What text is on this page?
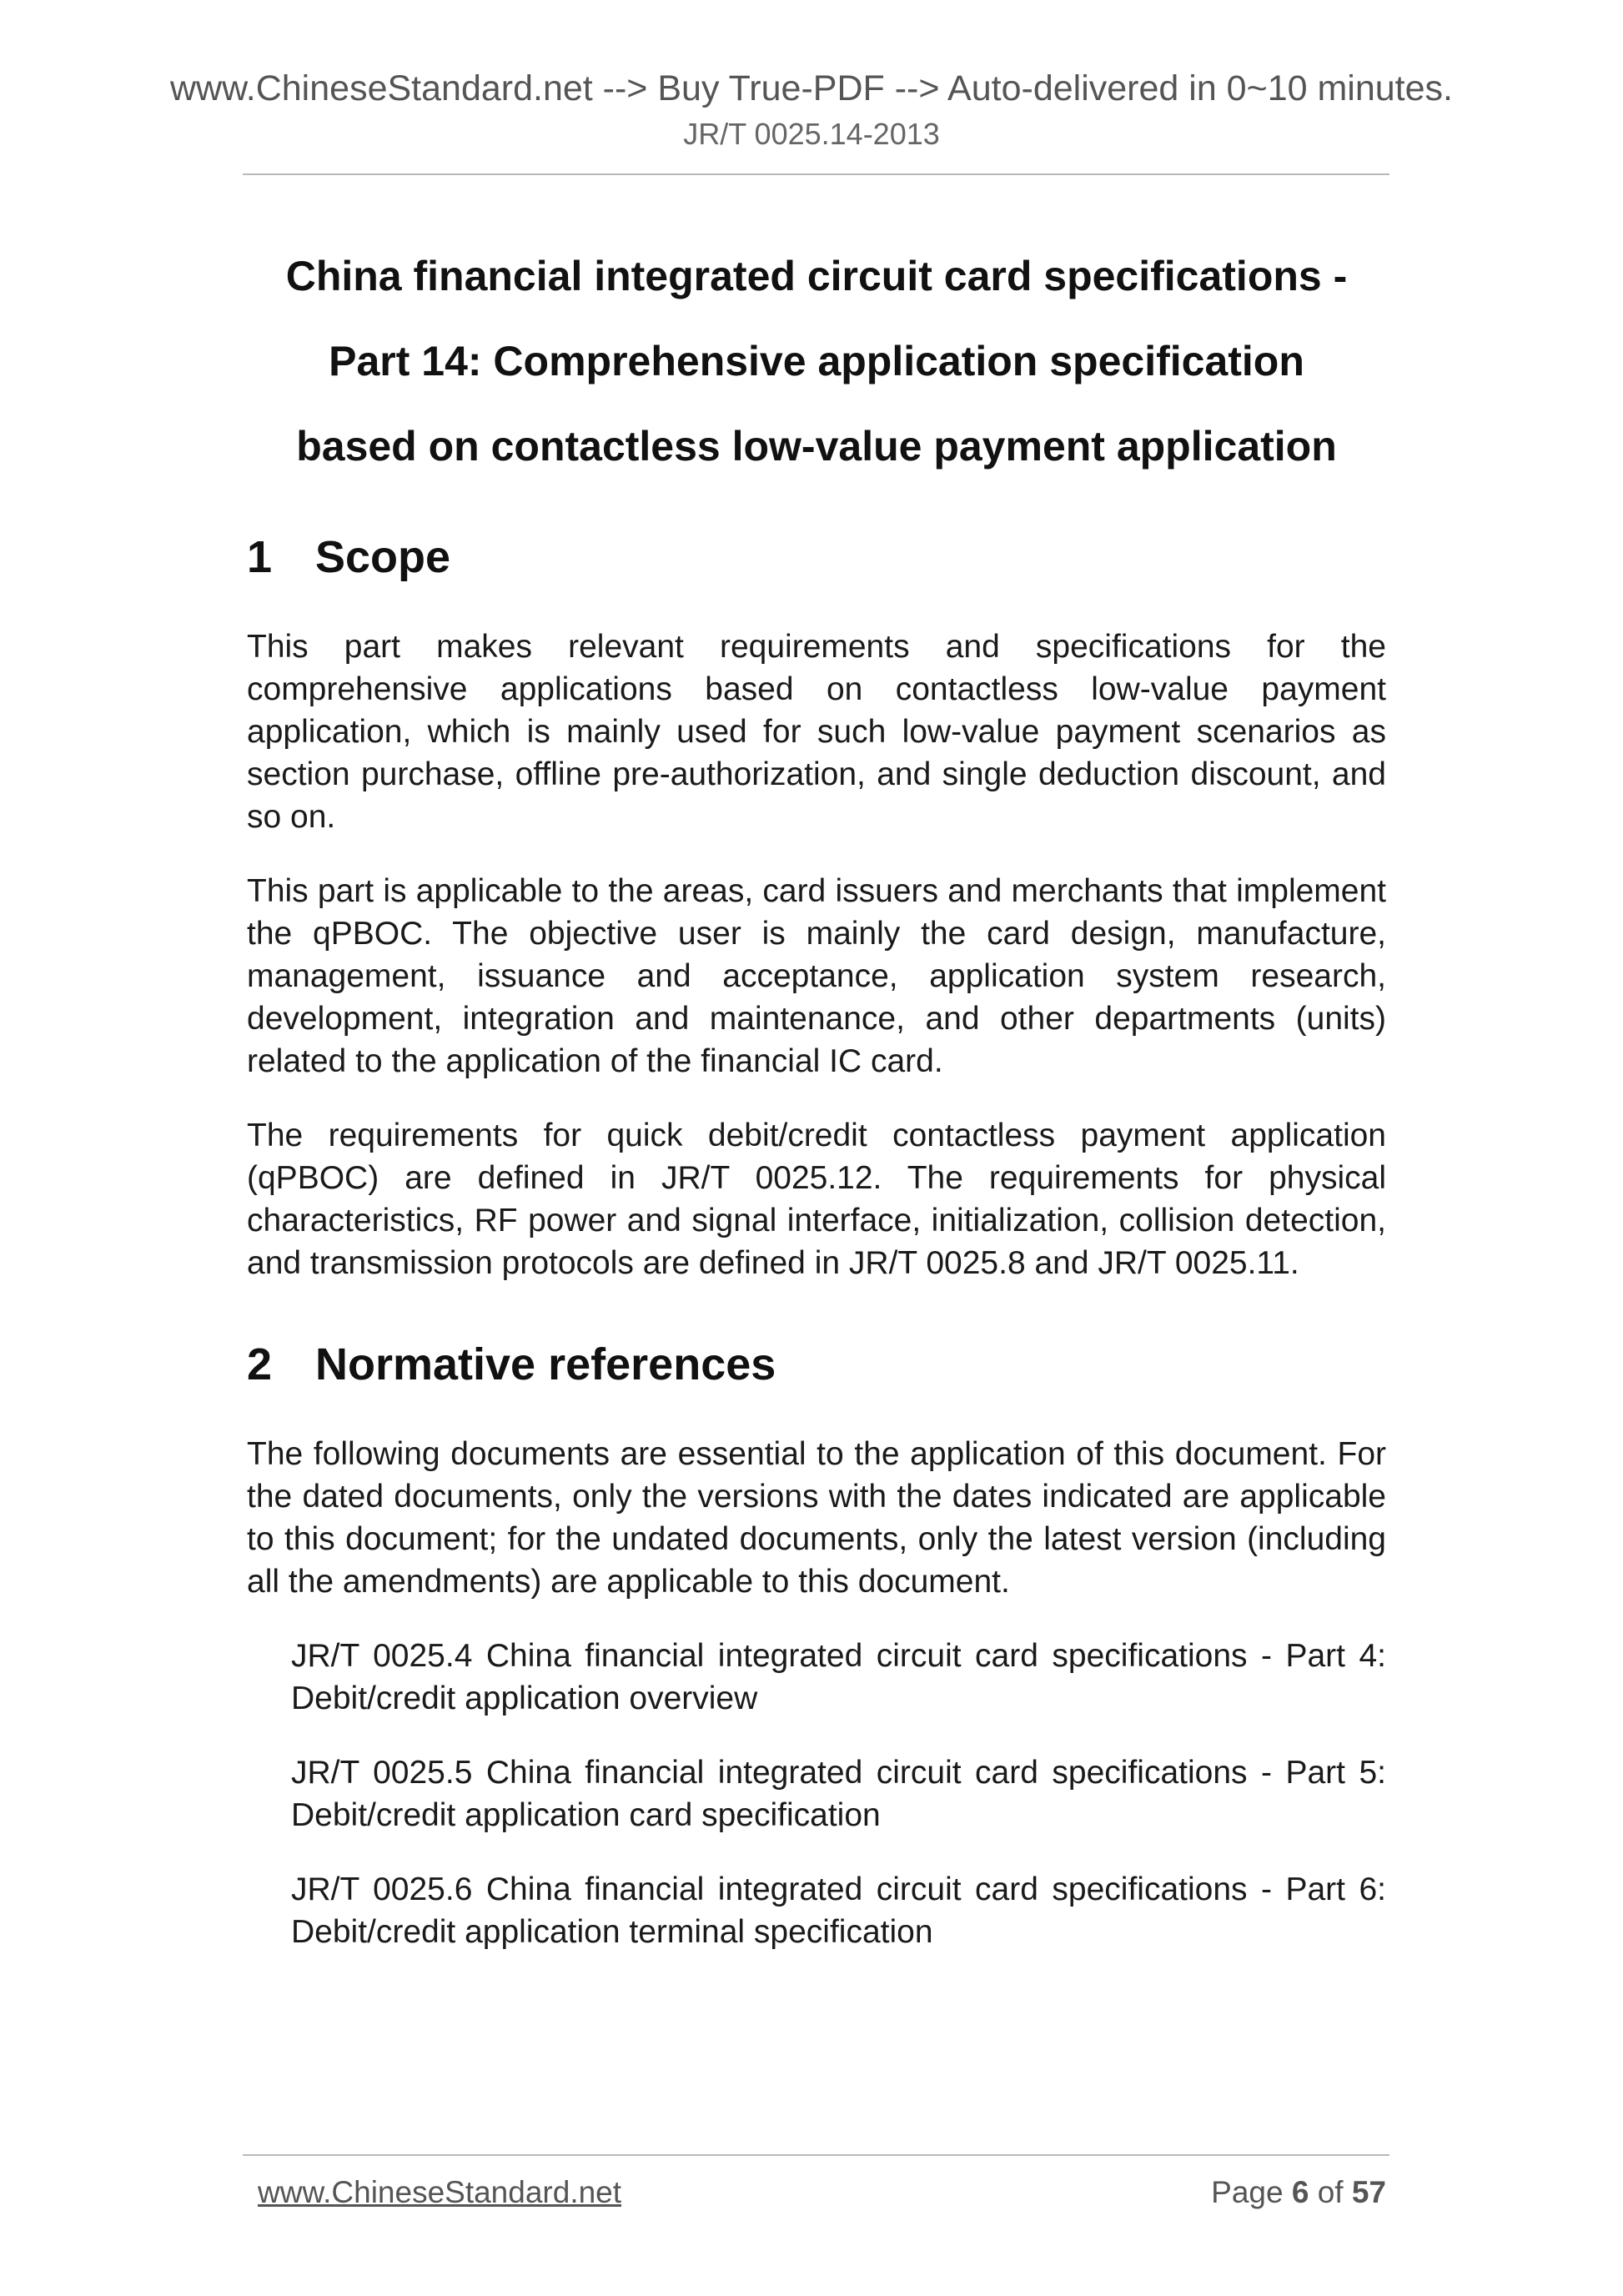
www.ChineseStandard.net --> Buy True-PDF --> Auto-delivered in 0~10 minutes.
JR/T 0025.14-2013

China financial integrated circuit card specifications -

Part 14: Comprehensive application specification

based on contactless low-value payment application

1 Scope

This part makes relevant requirements and specifications for the comprehensive applications based on contactless low-value payment application, which is mainly used for such low-value payment scenarios as section purchase, offline pre-authorization, and single deduction discount, and so on.

This part is applicable to the areas, card issuers and merchants that implement the qPBOC. The objective user is mainly the card design, manufacture, management, issuance and acceptance, application system research, development, integration and maintenance, and other departments (units) related to the application of the financial IC card.

The requirements for quick debit/credit contactless payment application (qPBOC) are defined in JR/T 0025.12. The requirements for physical characteristics, RF power and signal interface, initialization, collision detection, and transmission protocols are defined in JR/T 0025.8 and JR/T 0025.11.

2 Normative references

The following documents are essential to the application of this document. For the dated documents, only the versions with the dates indicated are applicable to this document; for the undated documents, only the latest version (including all the amendments) are applicable to this document.

JR/T 0025.4 China financial integrated circuit card specifications - Part 4: Debit/credit application overview

JR/T 0025.5 China financial integrated circuit card specifications - Part 5: Debit/credit application card specification

JR/T 0025.6 China financial integrated circuit card specifications - Part 6: Debit/credit application terminal specification

www.ChineseStandard.net	Page 6 of 57
